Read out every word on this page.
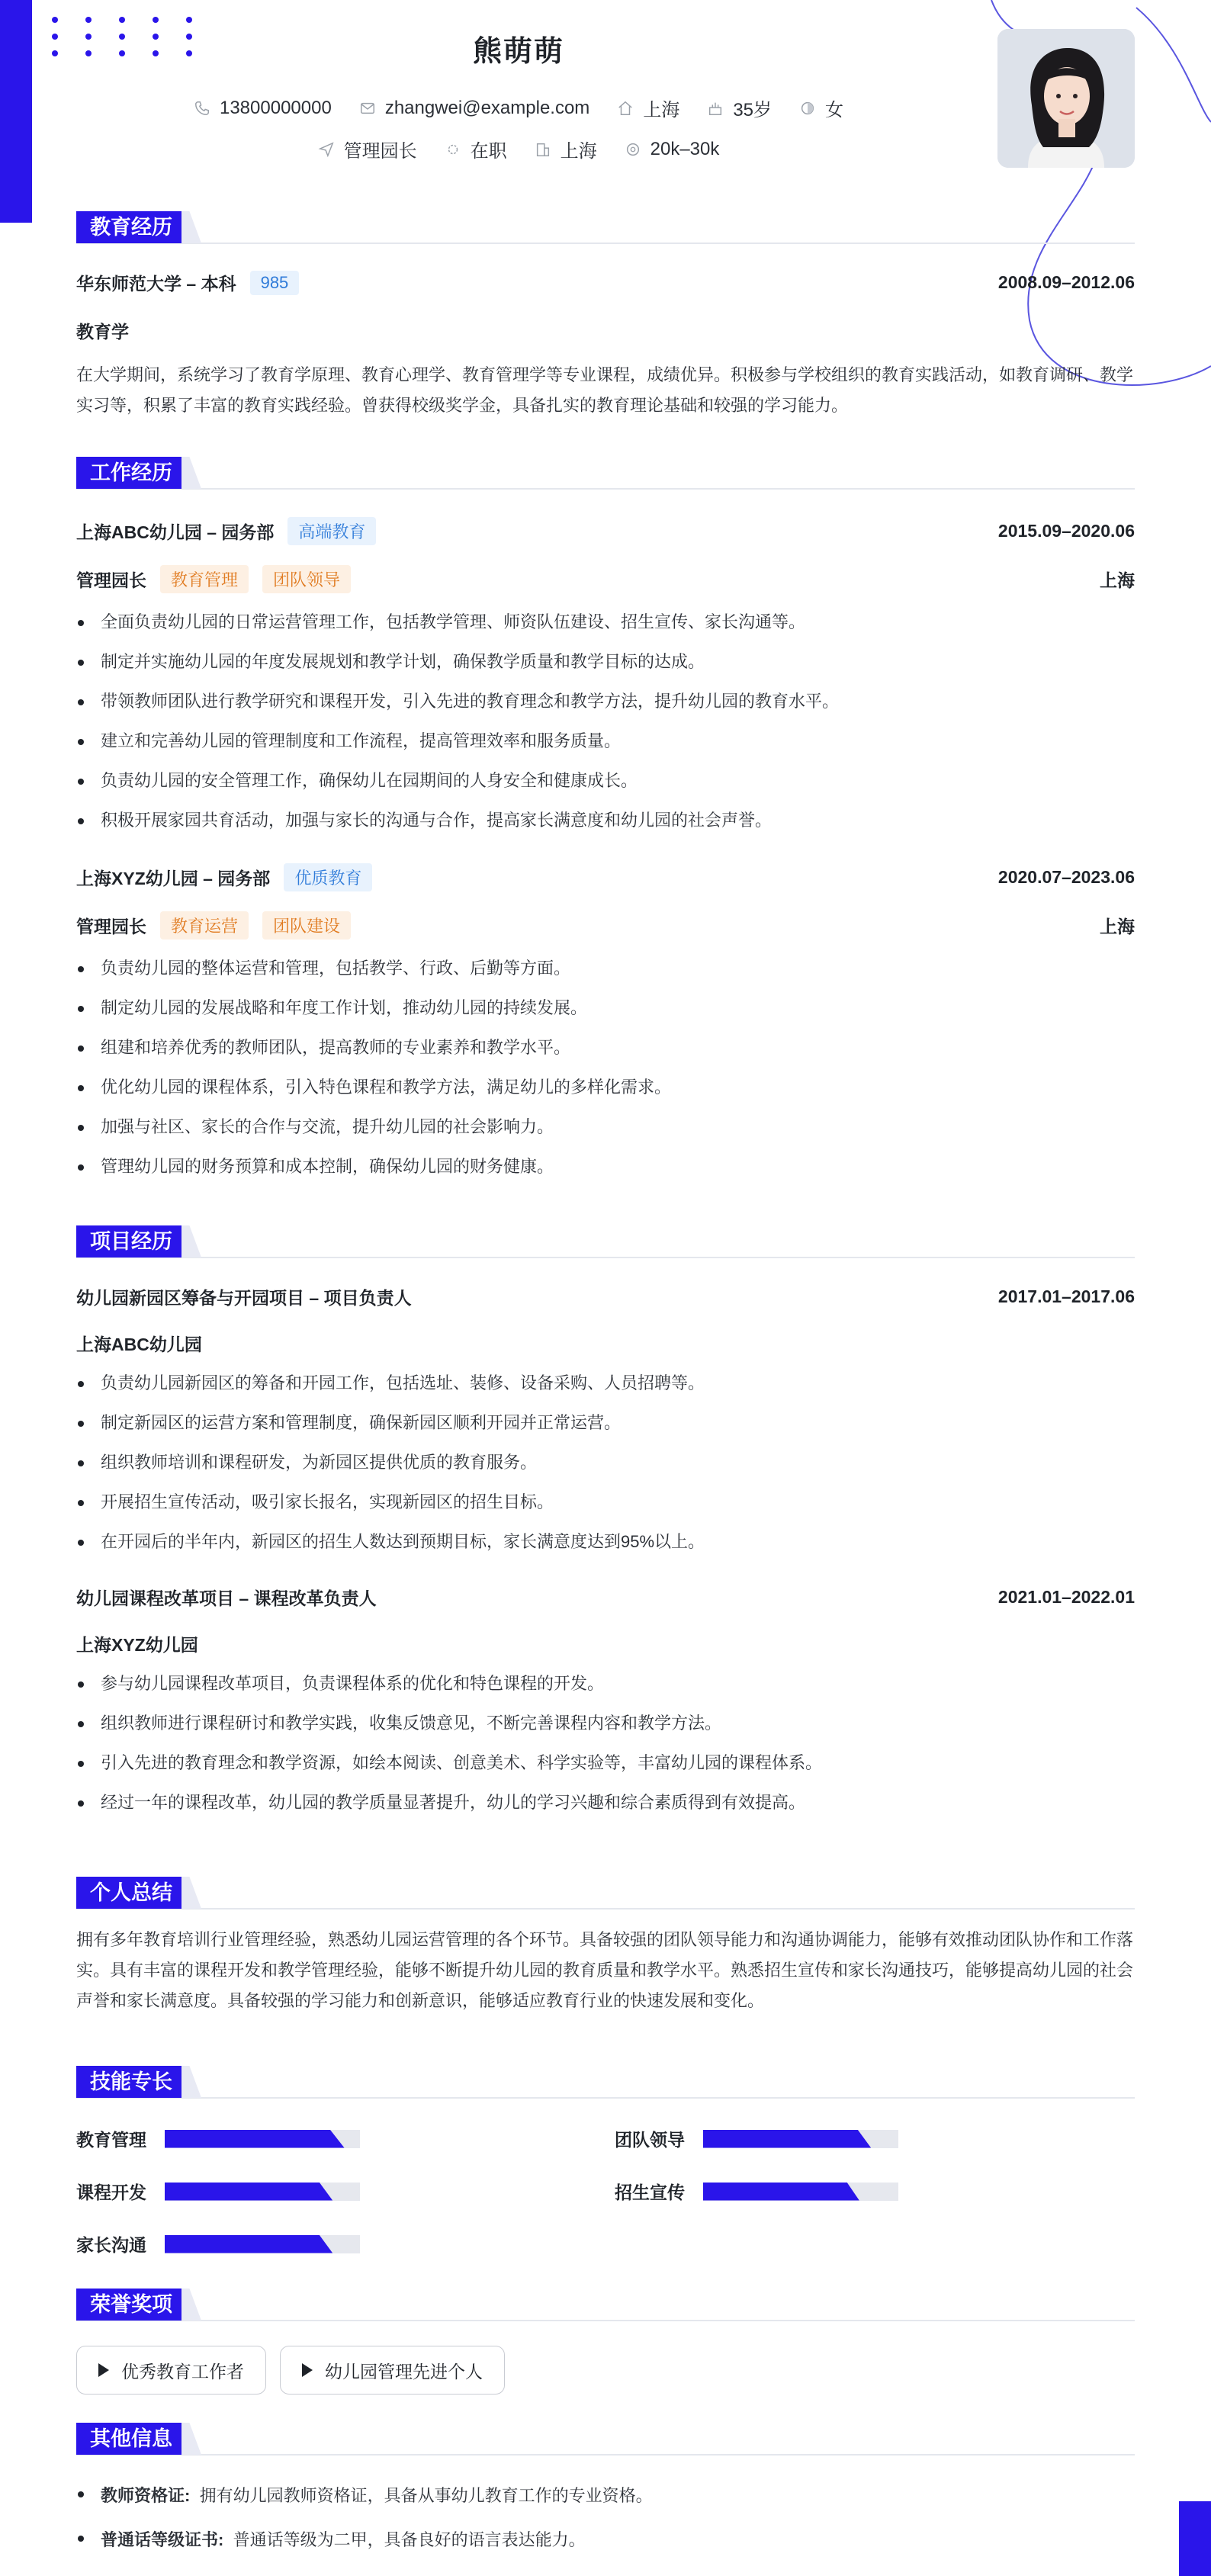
熊萌萌
13800000000	zhangwei@example.com	上海	35岁	女
管理园长	在职	上海	20k–30k
教育经历
华东师范大学 – 本科	985	2008.09–2012.06
教育学
在大学期间，系统学习了教育学原理、教育心理学、教育管理学等专业课程，成绩优异。积极参与学校组织的教育实践活动，如教育调研、教学实习等，积累了丰富的教育实践经验。曾获得校级奖学金，具备扎实的教育理论基础和较强的学习能力。
工作经历
上海ABC幼儿园 – 园务部	高端教育	2015.09–2020.06
管理园长	教育管理	团队领导	上海
全面负责幼儿园的日常运营管理工作，包括教学管理、师资队伍建设、招生宣传、家长沟通等。
制定并实施幼儿园的年度发展规划和教学计划，确保教学质量和教学目标的达成。
带领教师团队进行教学研究和课程开发，引入先进的教育理念和教学方法，提升幼儿园的教育水平。
建立和完善幼儿园的管理制度和工作流程，提高管理效率和服务质量。
负责幼儿园的安全管理工作，确保幼儿在园期间的人身安全和健康成长。
积极开展家园共育活动，加强与家长的沟通与合作，提高家长满意度和幼儿园的社会声誉。
上海XYZ幼儿园 – 园务部	优质教育	2020.07–2023.06
管理园长	教育运营	团队建设	上海
负责幼儿园的整体运营和管理，包括教学、行政、后勤等方面。
制定幼儿园的发展战略和年度工作计划，推动幼儿园的持续发展。
组建和培养优秀的教师团队，提高教师的专业素养和教学水平。
优化幼儿园的课程体系，引入特色课程和教学方法，满足幼儿的多样化需求。
加强与社区、家长的合作与交流，提升幼儿园的社会影响力。
管理幼儿园的财务预算和成本控制，确保幼儿园的财务健康。
项目经历
幼儿园新园区筹备与开园项目 – 项目负责人	2017.01–2017.06
上海ABC幼儿园
负责幼儿园新园区的筹备和开园工作，包括选址、装修、设备采购、人员招聘等。
制定新园区的运营方案和管理制度，确保新园区顺利开园并正常运营。
组织教师培训和课程研发，为新园区提供优质的教育服务。
开展招生宣传活动，吸引家长报名，实现新园区的招生目标。
在开园后的半年内，新园区的招生人数达到预期目标，家长满意度达到95%以上。
幼儿园课程改革项目 – 课程改革负责人	2021.01–2022.01
上海XYZ幼儿园
参与幼儿园课程改革项目，负责课程体系的优化和特色课程的开发。
组织教师进行课程研讨和教学实践，收集反馈意见，不断完善课程内容和教学方法。
引入先进的教育理念和教学资源，如绘本阅读、创意美术、科学实验等，丰富幼儿园的课程体系。
经过一年的课程改革，幼儿园的教学质量显著提升，幼儿的学习兴趣和综合素质得到有效提高。
个人总结
拥有多年教育培训行业管理经验，熟悉幼儿园运营管理的各个环节。具备较强的团队领导能力和沟通协调能力，能够有效推动团队协作和工作落实。具有丰富的课程开发和教学管理经验，能够不断提升幼儿园的教育质量和教学水平。熟悉招生宣传和家长沟通技巧，能够提高幼儿园的社会声誉和家长满意度。具备较强的学习能力和创新意识，能够适应教育行业的快速发展和变化。
技能专长
教育管理	团队领导
课程开发	招生宣传
家长沟通
荣誉奖项
优秀教育工作者	幼儿园管理先进个人
其他信息
教师资格证: 拥有幼儿园教师资格证，具备从事幼儿教育工作的专业资格。
普通话等级证书: 普通话等级为二甲，具备良好的语言表达能力。
